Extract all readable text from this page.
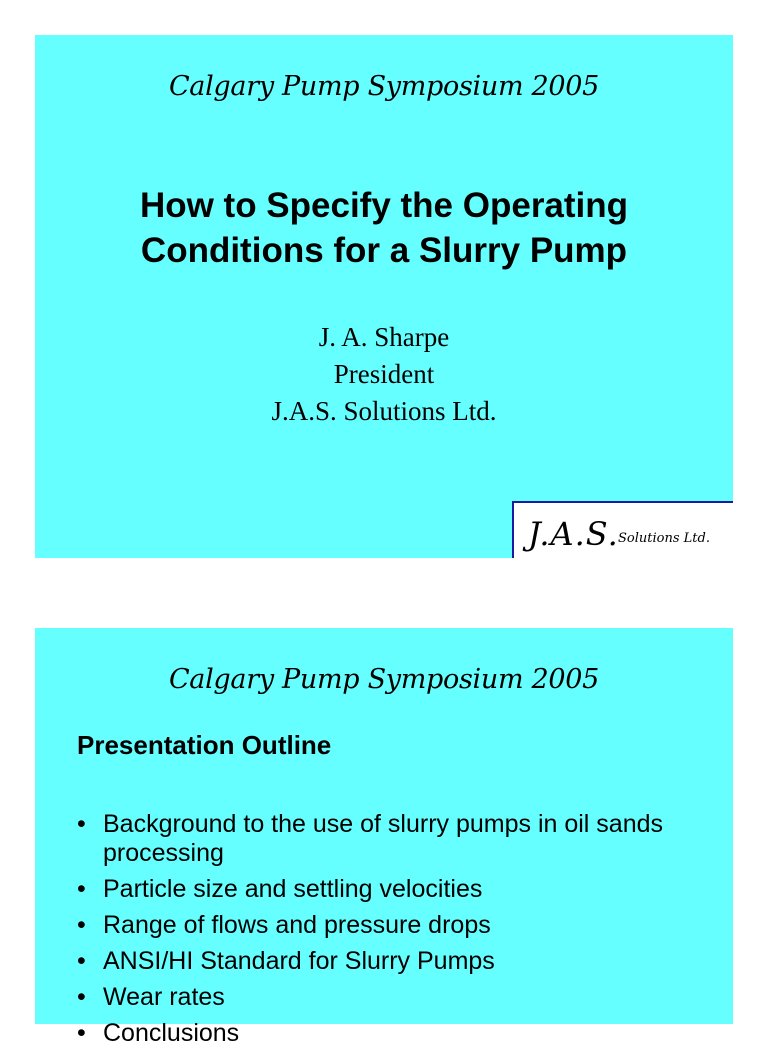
Calgary Pump Symposium 2005
How to Specify the Operating
Conditions for a Slurry Pump
J. A. Sharpe
President
J.A.S. Solutions Ltd.
J.A.S. Solutions Ltd.
Calgary Pump Symposium 2005
Presentation Outline
• Background to the use of slurry pumps in oil sands processing
• Particle size and settling velocities
• Range of flows and pressure drops
• ANSI/HI Standard for Slurry Pumps
• Wear rates
• Conclusions
